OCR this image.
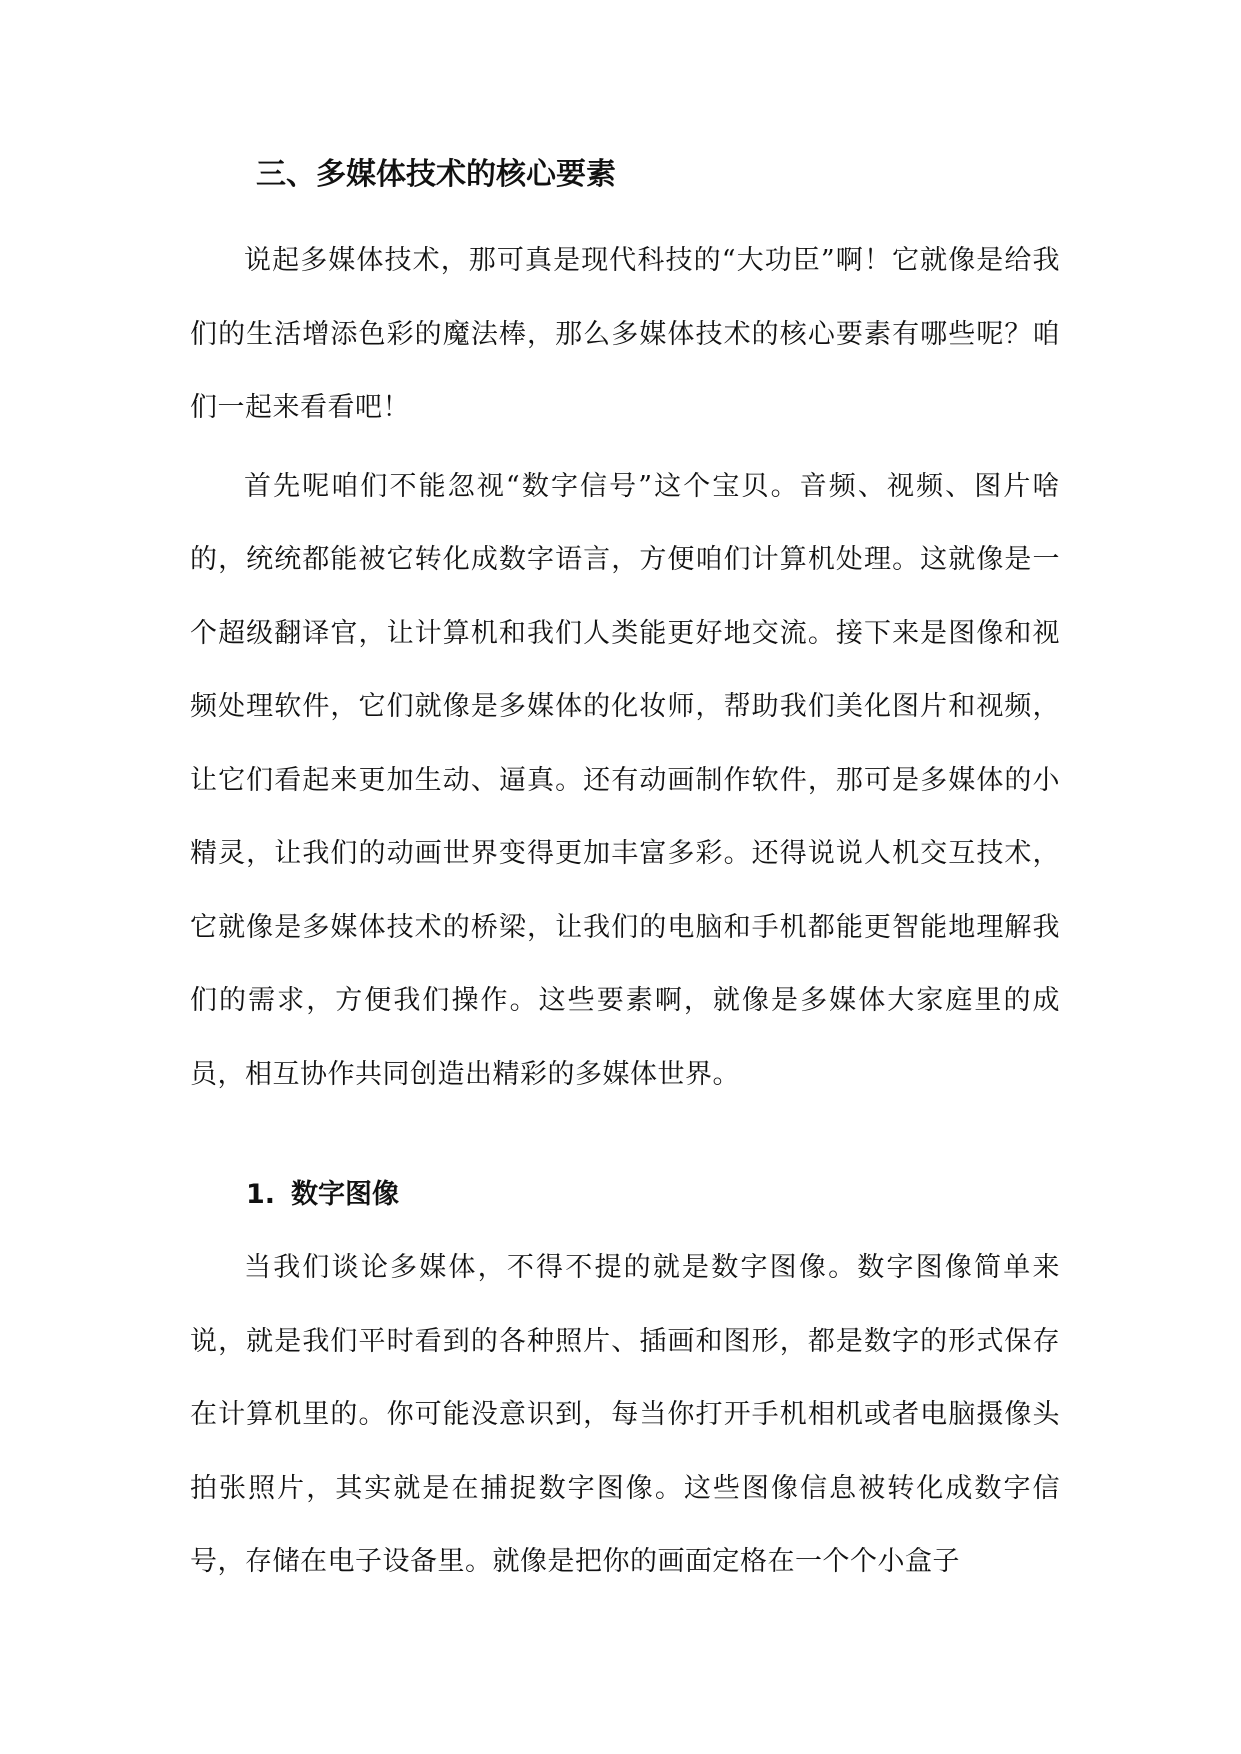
三、多媒体技术的核心要素

说起多媒体技术，那可真是现代科技的“大功臣”啊！它就像是给我们的生活增添色彩的魔法棒，那么多媒体技术的核心要素有哪些呢？咱们一起来看看吧！

首先呢咱们不能忽视“数字信号”这个宝贝。音频、视频、图片啥的，统统都能被它转化成数字语言，方便咱们计算机处理。这就像是一个超级翻译官，让计算机和我们人类能更好地交流。接下来是图像和视频处理软件，它们就像是多媒体的化妆师，帮助我们美化图片和视频，让它们看起来更加生动、逼真。还有动画制作软件，那可是多媒体的小精灵，让我们的动画世界变得更加丰富多彩。还得说说人机交互技术，它就像是多媒体技术的桥梁，让我们的电脑和手机都能更智能地理解我们的需求，方便我们操作。这些要素啊，就像是多媒体大家庭里的成员，相互协作共同创造出精彩的多媒体世界。

1. 数字图像

当我们谈论多媒体，不得不提的就是数字图像。数字图像简单来说，就是我们平时看到的各种照片、插画和图形，都是数字的形式保存在计算机里的。你可能没意识到，每当你打开手机相机或者电脑摄像头拍张照片，其实就是在捕捉数字图像。这些图像信息被转化成数字信号，存储在电子设备里。就像是把你的画面定格在一个个小盒子
